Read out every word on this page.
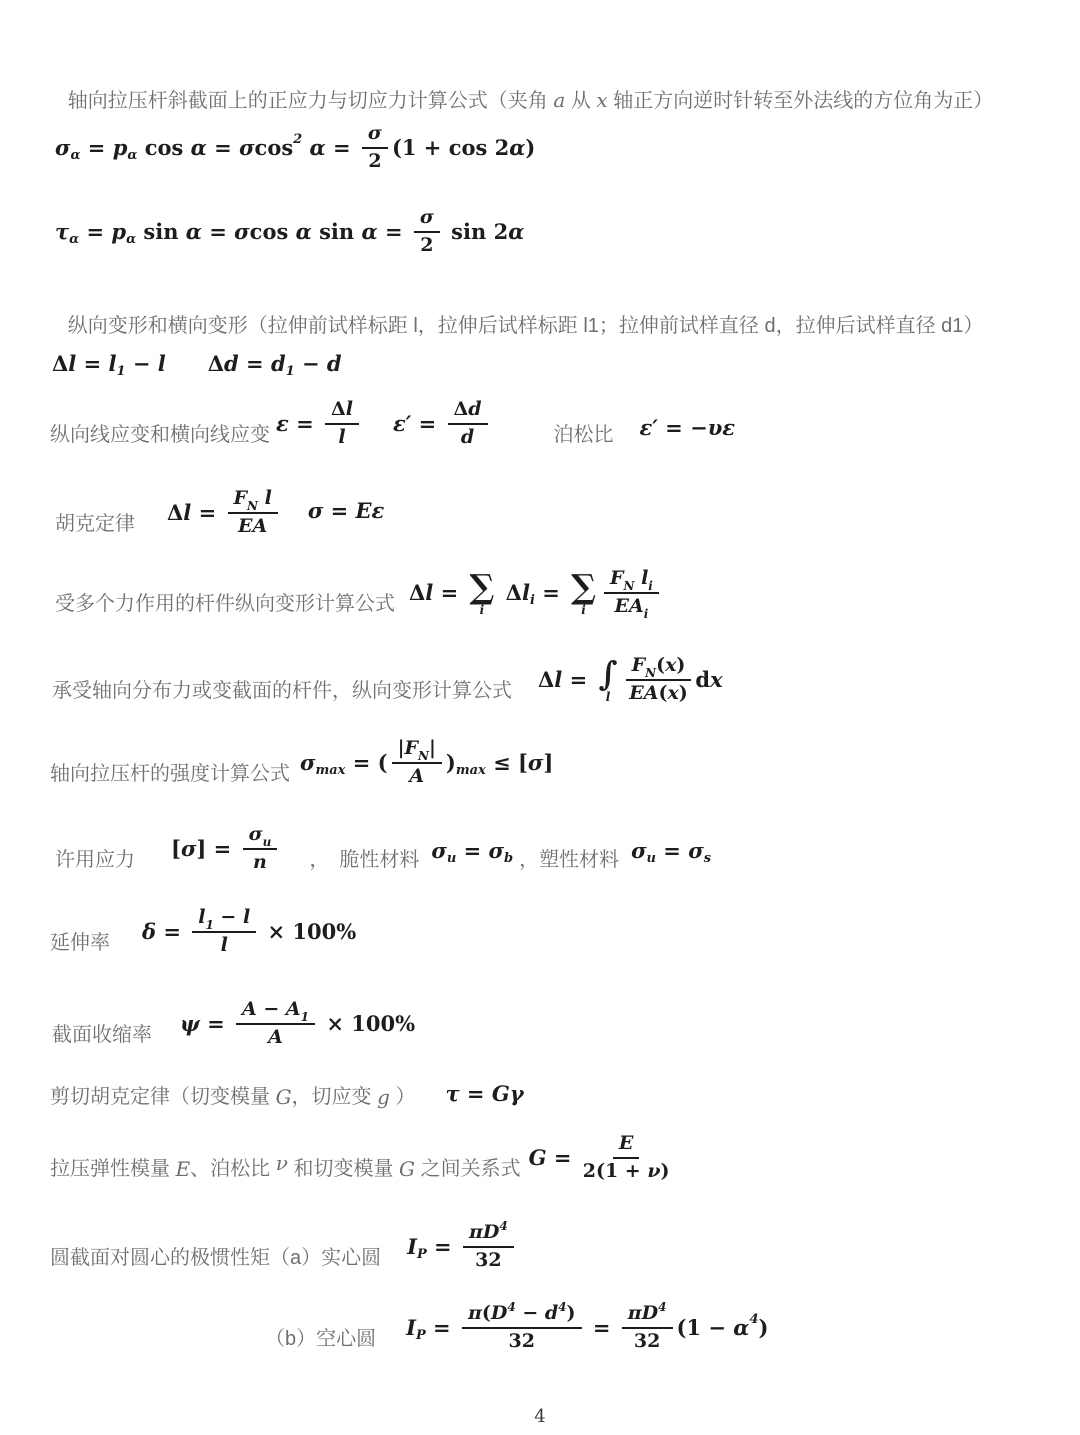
轴向拉压杆斜截面上的正应力与切应力计算公式（夹角 a 从 x 轴正方向逆时针转至外法线的方位角为正）

σ α = p α cos α = σ cos 2
$\alpha = \frac{\sigma}{2} (1 + \cos 2$ α )
τ α = p α sin α = σ cos α $\sin \alpha = \frac{\sigma}{2}$ sin 2 α

纵向变形和横向变形（拉伸前试样标距 l，拉伸后试样标距 l1；拉伸前试样直径 d，拉伸后试样直径 d1）

Δ l = l 1 − l Δ d = d 1 − d
纵向线应变和横向线应变 $\varepsilon = \frac{\text{Δ l}}{l} \varepsilon' = \frac{\text{Δ d}}{d}$	泊松比 ε′ = − υε
胡克定律 Δ $l = \frac{\text{F N l}}{EA}$ σ = Eε
受多个力作用的杆件纵向变形计算公式 Δ l = ∑
i
Δ l i = ∑
i $\frac{\text{F N l i}}{\text{EA i}}$
承受轴向分布力或变截面的杆件，纵向变形计算公式 Δ l = ∫
l $\frac{\text{F N ( x )}}{EA ( x )}$ d x
轴向拉压杆的强度计算公式 σ max = ( $\frac{\text{| F N |}}{A}$ ) max ≤ [ σ ]
许用应力 [ σ ] = $\frac{\text{σ u}}{n}$ ， 脆性材料 σ u = σ b ， 塑性材料 σ u = σ s
延伸率 $\delta = \frac{l 1 - l}{l} \times 100\%$
截面收缩率 $\psi = \frac{A - A 1}{A} \times 100\%$
剪切胡克定律（切变模量 G ，切应变 g ） τ = Gγ
拉压弹性模量 E 、泊松比 ν 和切变模量 G 之间关系式 $G = \frac{E}{2(1 + \nu )}$
圆截面对圆心的极惯性矩（a）实心圆 I $P = \frac{\pi D 4}{32}$
（b）空心圆 I $P = \frac{\pi ( D 4 - d 4 )}{32} = \frac{\pi D 4}{32} (1 - \alpha$ 4 )
4
